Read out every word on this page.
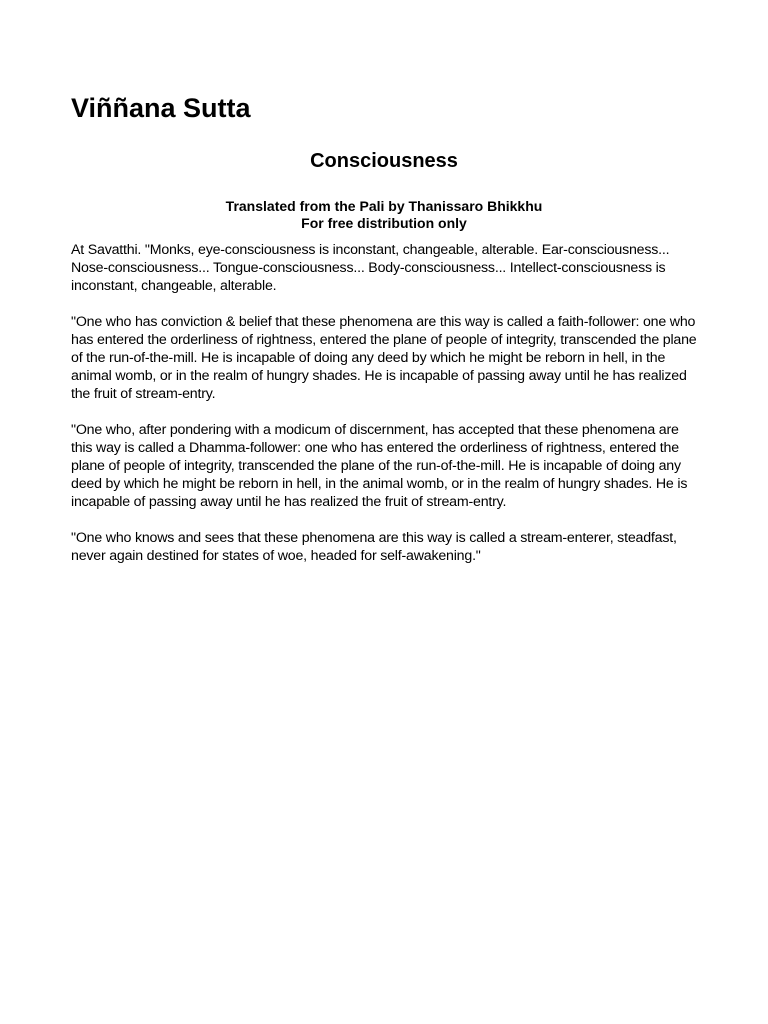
Viññana Sutta
Consciousness
Translated from the Pali by Thanissaro Bhikkhu
For free distribution only

At Savatthi. "Monks, eye-consciousness is inconstant, changeable, alterable. Ear-consciousness... Nose-consciousness... Tongue-consciousness... Body-consciousness... Intellect-consciousness is inconstant, changeable, alterable.

"One who has conviction & belief that these phenomena are this way is called a faith-follower: one who has entered the orderliness of rightness, entered the plane of people of integrity, transcended the plane of the run-of-the-mill. He is incapable of doing any deed by which he might be reborn in hell, in the animal womb, or in the realm of hungry shades. He is incapable of passing away until he has realized the fruit of stream-entry.

"One who, after pondering with a modicum of discernment, has accepted that these phenomena are this way is called a Dhamma-follower: one who has entered the orderliness of rightness, entered the plane of people of integrity, transcended the plane of the run-of-the-mill. He is incapable of doing any deed by which he might be reborn in hell, in the animal womb, or in the realm of hungry shades. He is incapable of passing away until he has realized the fruit of stream-entry.

"One who knows and sees that these phenomena are this way is called a stream-enterer, steadfast, never again destined for states of woe, headed for self-awakening."
